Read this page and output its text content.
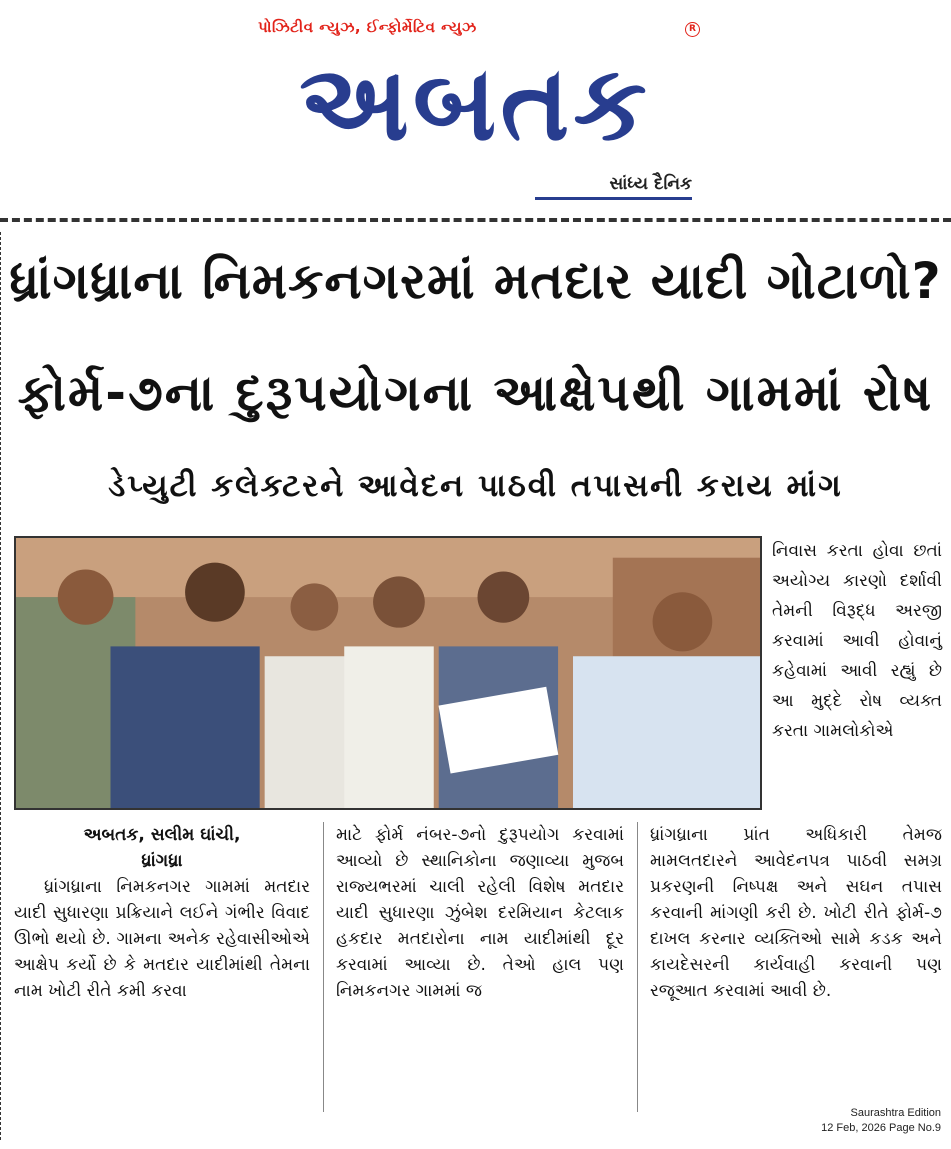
પોઝિટીવ ન્યુઝ, ઈન્ફોર્મેટિવ ન્યુઝ	R
અબતક
સાંધ્ય દૈનિક
ધ્રાંગધ્રાના નિમકનગરમાં મતદાર યાદી ગોટાળો?
ફોર્મ-૭ના દુરૂપયોગના આક્ષેપથી ગામમાં રોષ
ડેપ્યુટી કલેક્ટરને આવેદન પાઠવી તપાસની કરાય માંગ
નિવાસ કરતા હોવા છતાં અયોગ્ય કારણો દર્શાવી તેમની વિરૂદ્ધ અરજી કરવામાં આવી હોવાનું કહેવામાં આવી રહ્યું છે આ મુદ્દે રોષ વ્યક્ત કરતા ગામલોકોએ
અબતક, સલીમ ઘાંચી,
ધ્રાંગધ્રા

ધ્રાંગધ્રાના નિમકનગર ગામમાં મતદાર યાદી સુધારણા પ્રક્રિયાને લઈને ગંભીર વિવાદ ઊભો થયો છે. ગામના અનેક રહેવાસીઓએ આક્ષેપ કર્યો છે કે મતદાર યાદીમાંથી તેમના નામ ખોટી રીતે કમી કરવા

માટે ફોર્મ નંબર-૭નો દુરૂપયોગ કરવામાં આવ્યો છે સ્થાનિકોના જણાવ્યા મુજબ રાજ્યભરમાં ચાલી રહેલી વિશેષ મતદાર યાદી સુધારણા ઝુંબેશ દરમિયાન કેટલાક હકદાર મતદારોના નામ યાદીમાંથી દૂર કરવામાં આવ્યા છે. તેઓ હાલ પણ નિમકનગર ગામમાં જ
ધ્રાંગધ્રાના પ્રાંત અધિકારી તેમજ મામલતદારને આવેદનપત્ર પાઠવી સમગ્ર પ્રકરણની નિષ્પક્ષ અને સઘન તપાસ કરવાની માંગણી કરી છે. ખોટી રીતે ફોર્મ-૭ દાખલ કરનાર વ્યક્તિઓ સામે કડક અને કાયદેસરની કાર્યવાહી કરવાની પણ રજૂઆત કરવામાં આવી છે.
Saurashtra Edition
12 Feb, 2026 Page No.9
